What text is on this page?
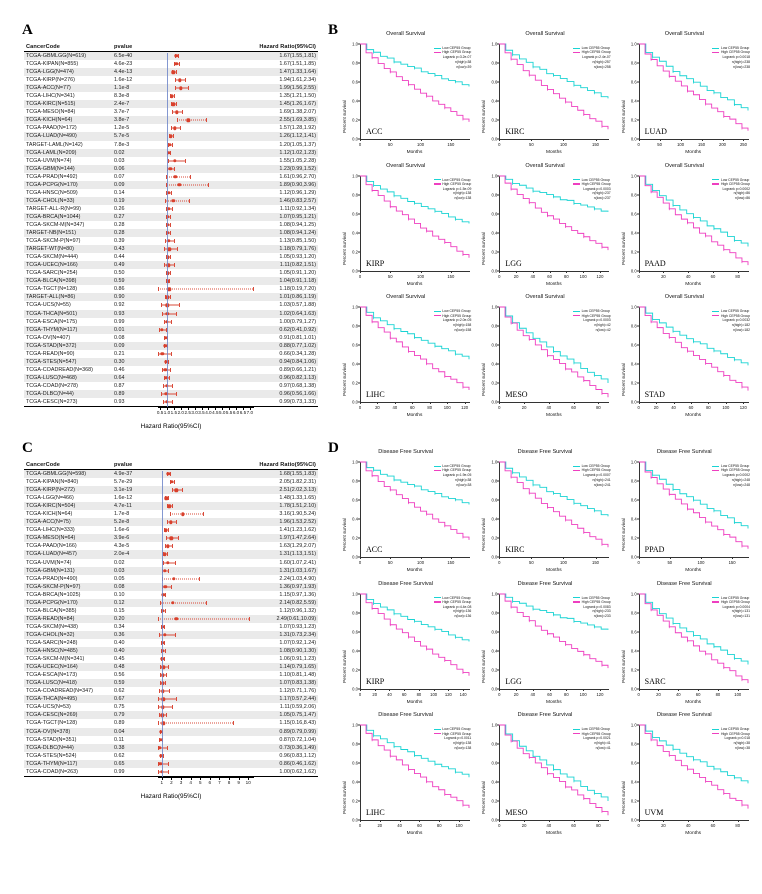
A
CancerCode	pvalue		Hazard Ratio(95%CI)
TCGA-GBMLGG(N=619)	6.5e-40		1.67(1.55,1.81)
TCGA-KIPAN(N=855)	4.6e-23		1.67(1.51,1.85)
TCGA-LGG(N=474)	4.4e-13		1.47(1.33,1.64)
TCGA-KIRP(N=276)	1.6e-12		1.94(1.61,2.34)
TCGA-ACC(N=77)	1.1e-8		1.99(1.56,2.55)
TCGA-LIHC(N=341)	8.3e-8		1.35(1.21,1.50)
TCGA-KIRC(N=515)	2.4e-7		1.45(1.26,1.67)
TCGA-MESO(N=84)	3.7e-7		1.69(1.38,2.07)
TCGA-KICH(N=64)	3.8e-7		2.55(1.69,3.85)
TCGA-PAAD(N=172)	1.2e-5		1.57(1.28,1.92)
TCGA-LUAD(N=490)	5.7e-5		1.26(1.12,1.41)
TARGET-LAML(N=142)	7.8e-3		1.20(1.05,1.37)
TCGA-LAML(N=209)	0.02		1.12(1.02,1.23)
TCGA-UVM(N=74)	0.03		1.55(1.05,2.28)
TCGA-GBM(N=144)	0.06		1.23(0.99,1.52)
TCGA-PRAD(N=492)	0.07		1.61(0.96,2.70)
TCGA-PCPG(N=170)	0.09		1.89(0.90,3.96)
TCGA-HNSC(N=509)	0.14		1.12(0.96,1.29)
TCGA-CHOL(N=33)	0.19		1.46(0.83,2.57)
TARGET-ALL-R(N=99)	0.26		1.11(0.92,1.34)
TCGA-BRCA(N=1044)	0.27		1.07(0.95,1.21)
TCGA-SKCM-M(N=347)	0.28		1.08(0.94,1.25)
TARGET-NB(N=151)	0.28		1.08(0.94,1.24)
TCGA-SKCM-P(N=97)	0.39		1.13(0.85,1.50)
TARGET-WT(N=80)	0.43		1.18(0.79,1.76)
TCGA-SKCM(N=444)	0.44		1.05(0.93,1.20)
TCGA-UCEC(N=166)	0.49		1.11(0.82,1.51)
TCGA-SARC(N=254)	0.50		1.05(0.91,1.20)
TCGA-BLCA(N=398)	0.59		1.04(0.91,1.18)
TCGA-TGCT(N=128)	0.86		1.18(0.19,7.20)
TARGET-ALL(N=86)	0.90		1.01(0.86,1.19)
TCGA-UCS(N=55)	0.92		1.03(0.57,1.88)
TCGA-THCA(N=501)	0.93		1.02(0.64,1.63)
TCGA-ESCA(N=175)	0.99		1.00(0.79,1.27)
TCGA-THYM(N=117)	0.01		0.62(0.41,0.92)
TCGA-OV(N=407)	0.08		0.91(0.81,1.01)
TCGA-STAD(N=372)	0.09		0.88(0.77,1.02)
TCGA-READ(N=90)	0.21		0.66(0.34,1.28)
TCGA-STES(N=547)	0.30		0.94(0.84,1.06)
TCGA-COADREAD(N=368)	0.46		0.89(0.66,1.21)
TCGA-LUSC(N=468)	0.64		0.96(0.82,1.13)
TCGA-COAD(N=278)	0.87		0.97(0.68,1.38)
TCGA-DLBC(N=44)	0.89		0.96(0.56,1.66)
TCGA-CESC(N=273)	0.93		0.99(0.73,1.33)
0.5 1.0 1.5 2.0 2.5 3.0 3.5 4.0 4.5 5.0 5.5 6.0 6.5 7.0
Hazard Ratio(95%CI)
B	Overall Survival
Percent survival
Months
0.0
0.2
0.4
0.6
0.8
1.0
0	50	100	150
Low CEP55 Group
High CEP55 Group
Logrank p=3.2e-07
n(high)=38
n(low)=39
ACC
Overall Survival
Percent survival
Months
0.0
0.2
0.4
0.6
0.8
1.0
0	50	100	150
Low CEP55 Group
High CEP55 Group
Logrank p=2.4e-07
n(high)=257
n(low)=258
KIRC
Overall Survival
Percent survival
Months
0.0
0.2
0.4
0.6
0.8
1.0
0	50	100	150	200	250
Low CEP55 Group
High CEP55 Group
Logrank p=0.0018
n(high)=238
n(low)=238
LUAD
Overall Survival
Percent survival
Months
0.0
0.2
0.4
0.6
0.8
1.0
0	50	100	150
Low CEP55 Group
High CEP55 Group
Logrank p=1.5e-09
n(high)=138
n(low)=138
KIRP
Overall Survival
Percent survival
Months
0.0
0.2
0.4
0.6
0.8
1.0
0	20	40	60	80	100 120
Low CEP55 Group
High CEP55 Group
Logrank p=0.0003
n(high)=237
n(low)=237
LGG
Overall Survival
Percent survival
Months
0.0
0.2
0.4
0.6
0.8
1.0
0	20	40	60	80
Low CEP55 Group
High CEP55 Group
Logrank p=0.0002
n(high)=86
n(low)=86
PAAD
Overall Survival
Percent survival
Months
0.0
0.2
0.4
0.6
0.8
1.0
0	20	40	60	80	100 120
Low CEP55 Group
High CEP55 Group
Logrank p=2.0e-05
n(high)=158
n(low)=158
LIHC
Overall Survival
Percent survival
Months
0.0
0.2
0.4
0.6
0.8
1.0
0	20	40	60	80
Low CEP55 Group
High CEP55 Group
Logrank p=0.0003
n(high)=42
n(low)=42
MESO
Overall Survival
Percent survival
Months
0.0
0.2
0.4
0.6
0.8
1.0
0	20	40	60	80	100 120
Low CEP55 Group
High CEP55 Group
Logrank p=0.0032
n(high)=182
n(low)=182
STAD
C
CancerCode	pvalue		Hazard Ratio(95%CI)
TCGA-GBMLGG(N=598)	4.9e-37		1.68(1.55,1.83)
TCGA-KIPAN(N=840)	5.7e-29		2.05(1.82,2.31)
TCGA-KIRP(N=272)	3.1e-19		2.51(2.02,3.13)
TCGA-LGG(N=466)	1.6e-12		1.48(1.33,1.65)
TCGA-KIRC(N=504)	4.7e-11		1.78(1.51,2.10)
TCGA-KICH(N=64)	1.7e-8		3.16(1.90,5.24)
TCGA-ACC(N=75)	5.2e-8		1.96(1.53,2.52)
TCGA-LIHC(N=333)	1.6e-6		1.41(1.23,1.62)
TCGA-MESO(N=64)	3.9e-6		1.97(1.47,2.64)
TCGA-PAAD(N=166)	4.3e-5		1.63(1.29,2.07)
TCGA-LUAD(N=457)	2.0e-4		1.31(1.13,1.51)
TCGA-UVM(N=74)	0.02		1.60(1.07,2.41)
TCGA-GBM(N=131)	0.03		1.31(1.03,1.67)
TCGA-PRAD(N=490)	0.05		2.24(1.03,4.90)
TCGA-SKCM-P(N=97)	0.08		1.36(0.97,1.93)
TCGA-BRCA(N=1025)	0.10		1.15(0.97,1.36)
TCGA-PCPG(N=170)	0.12		2.14(0.82,5.59)
TCGA-BLCA(N=385)	0.15		1.12(0.96,1.32)
TCGA-READ(N=84)	0.20		2.49(0.61,10.09)
TCGA-SKCM(N=438)	0.34		1.07(0.93,1.23)
TCGA-CHOL(N=32)	0.36		1.31(0.73,2.34)
TCGA-SARC(N=248)	0.40		1.07(0.92,1.24)
TCGA-HNSC(N=485)	0.40		1.08(0.90,1.30)
TCGA-SKCM-M(N=341)	0.45		1.06(0.91,1.23)
TCGA-UCEC(N=164)	0.48		1.14(0.79,1.65)
TCGA-ESCA(N=173)	0.56		1.10(0.81,1.48)
TCGA-LUSC(N=418)	0.59		1.07(0.83,1.38)
TCGA-COADREAD(N=347)	0.62		1.12(0.71,1.76)
TCGA-THCA(N=495)	0.67		1.17(0.57,2.44)
TCGA-UCS(N=53)	0.75		1.11(0.59,2.06)
TCGA-CESC(N=269)	0.79		1.05(0.75,1.47)
TCGA-TGCT(N=128)	0.89		1.15(0.16,8.43)
TCGA-OV(N=378)	0.04		0.89(0.79,0.99)
TCGA-STAD(N=351)	0.11		0.87(0.72,1.04)
TCGA-DLBC(N=44)	0.38		0.73(0.36,1.49)
TCGA-STES(N=524)	0.62		0.96(0.83,1.12)
TCGA-THYM(N=117)	0.65		0.86(0.46,1.62)
TCGA-COAD(N=263)	0.99		1.00(0.62,1.62)
1 2 3 4 5 6 7 8 9 10
Hazard Ratio(95%CI)
D	Disease Free Survival
Percent survival
Months
0.0
0.2
0.4
0.6
0.8
1.0
0	50	100	150
Low CEP55 Group
High CEP55 Group
Logrank p=1.9e-05
n(high)=38
n(low)=38
ACC
Disease Free Survival
Percent survival
Months
0.0
0.2
0.4
0.6
0.8
1.0
0	50	100	150
Low CEP55 Group
High CEP55 Group
Logrank p=0.0007
n(high)=241
n(low)=241
KIRC
Disease Free Survival
Percent survival
Months
0.0
0.2
0.4
0.6
0.8
1.0
0	50	100	150
Low CEP55 Group
High CEP55 Group
Logrank p=0.0002
n(high)=248
n(low)=248
PPAD
Disease Free Survival
Percent survival
Months
0.0
0.2
0.4
0.6
0.8
1.0
0	20 40 60 80 100 120 140
Low CEP55 Group
High CEP55 Group
Logrank p=4.4e-08
n(high)=136
n(low)=136
KIRP
Disease Free Survival
Percent survival
Months
0.0
0.2
0.4
0.6
0.8
1.0
0	20	40	60	80	100 120
Low CEP55 Group
High CEP55 Group
Logrank p=0.0083
n(high)=233
n(low)=233
LGG
Disease Free Survival
Percent survival
Months
0.0
0.2
0.4
0.6
0.8
1.0
0	20	40	60	80	100
Low CEP55 Group
High CEP55 Group
Logrank p=0.0004
n(high)=131
n(low)=131
SARC
Disease Free Survival
Percent survival
Months
0.0
0.2
0.4
0.6
0.8
1.0
0	20	40	60	80	100
Low CEP55 Group
High CEP55 Group
Logrank p=0.0011
n(high)=138
n(low)=138
LIHC
Disease Free Survival
Percent survival
Months
0.0
0.2
0.4
0.6
0.8
1.0
0	20	40	60	80
Low CEP55 Group
High CEP55 Group
Logrank p=0.0021
n(high)=41
n(low)=41
MESO
Disease Free Survival
Percent survival
Months
0.0
0.2
0.4
0.6
0.8
1.0
0	20	40	60	80
Low CEP55 Group
High CEP55 Group
Logrank p=0.018
n(high)=38
n(low)=38
UVM
